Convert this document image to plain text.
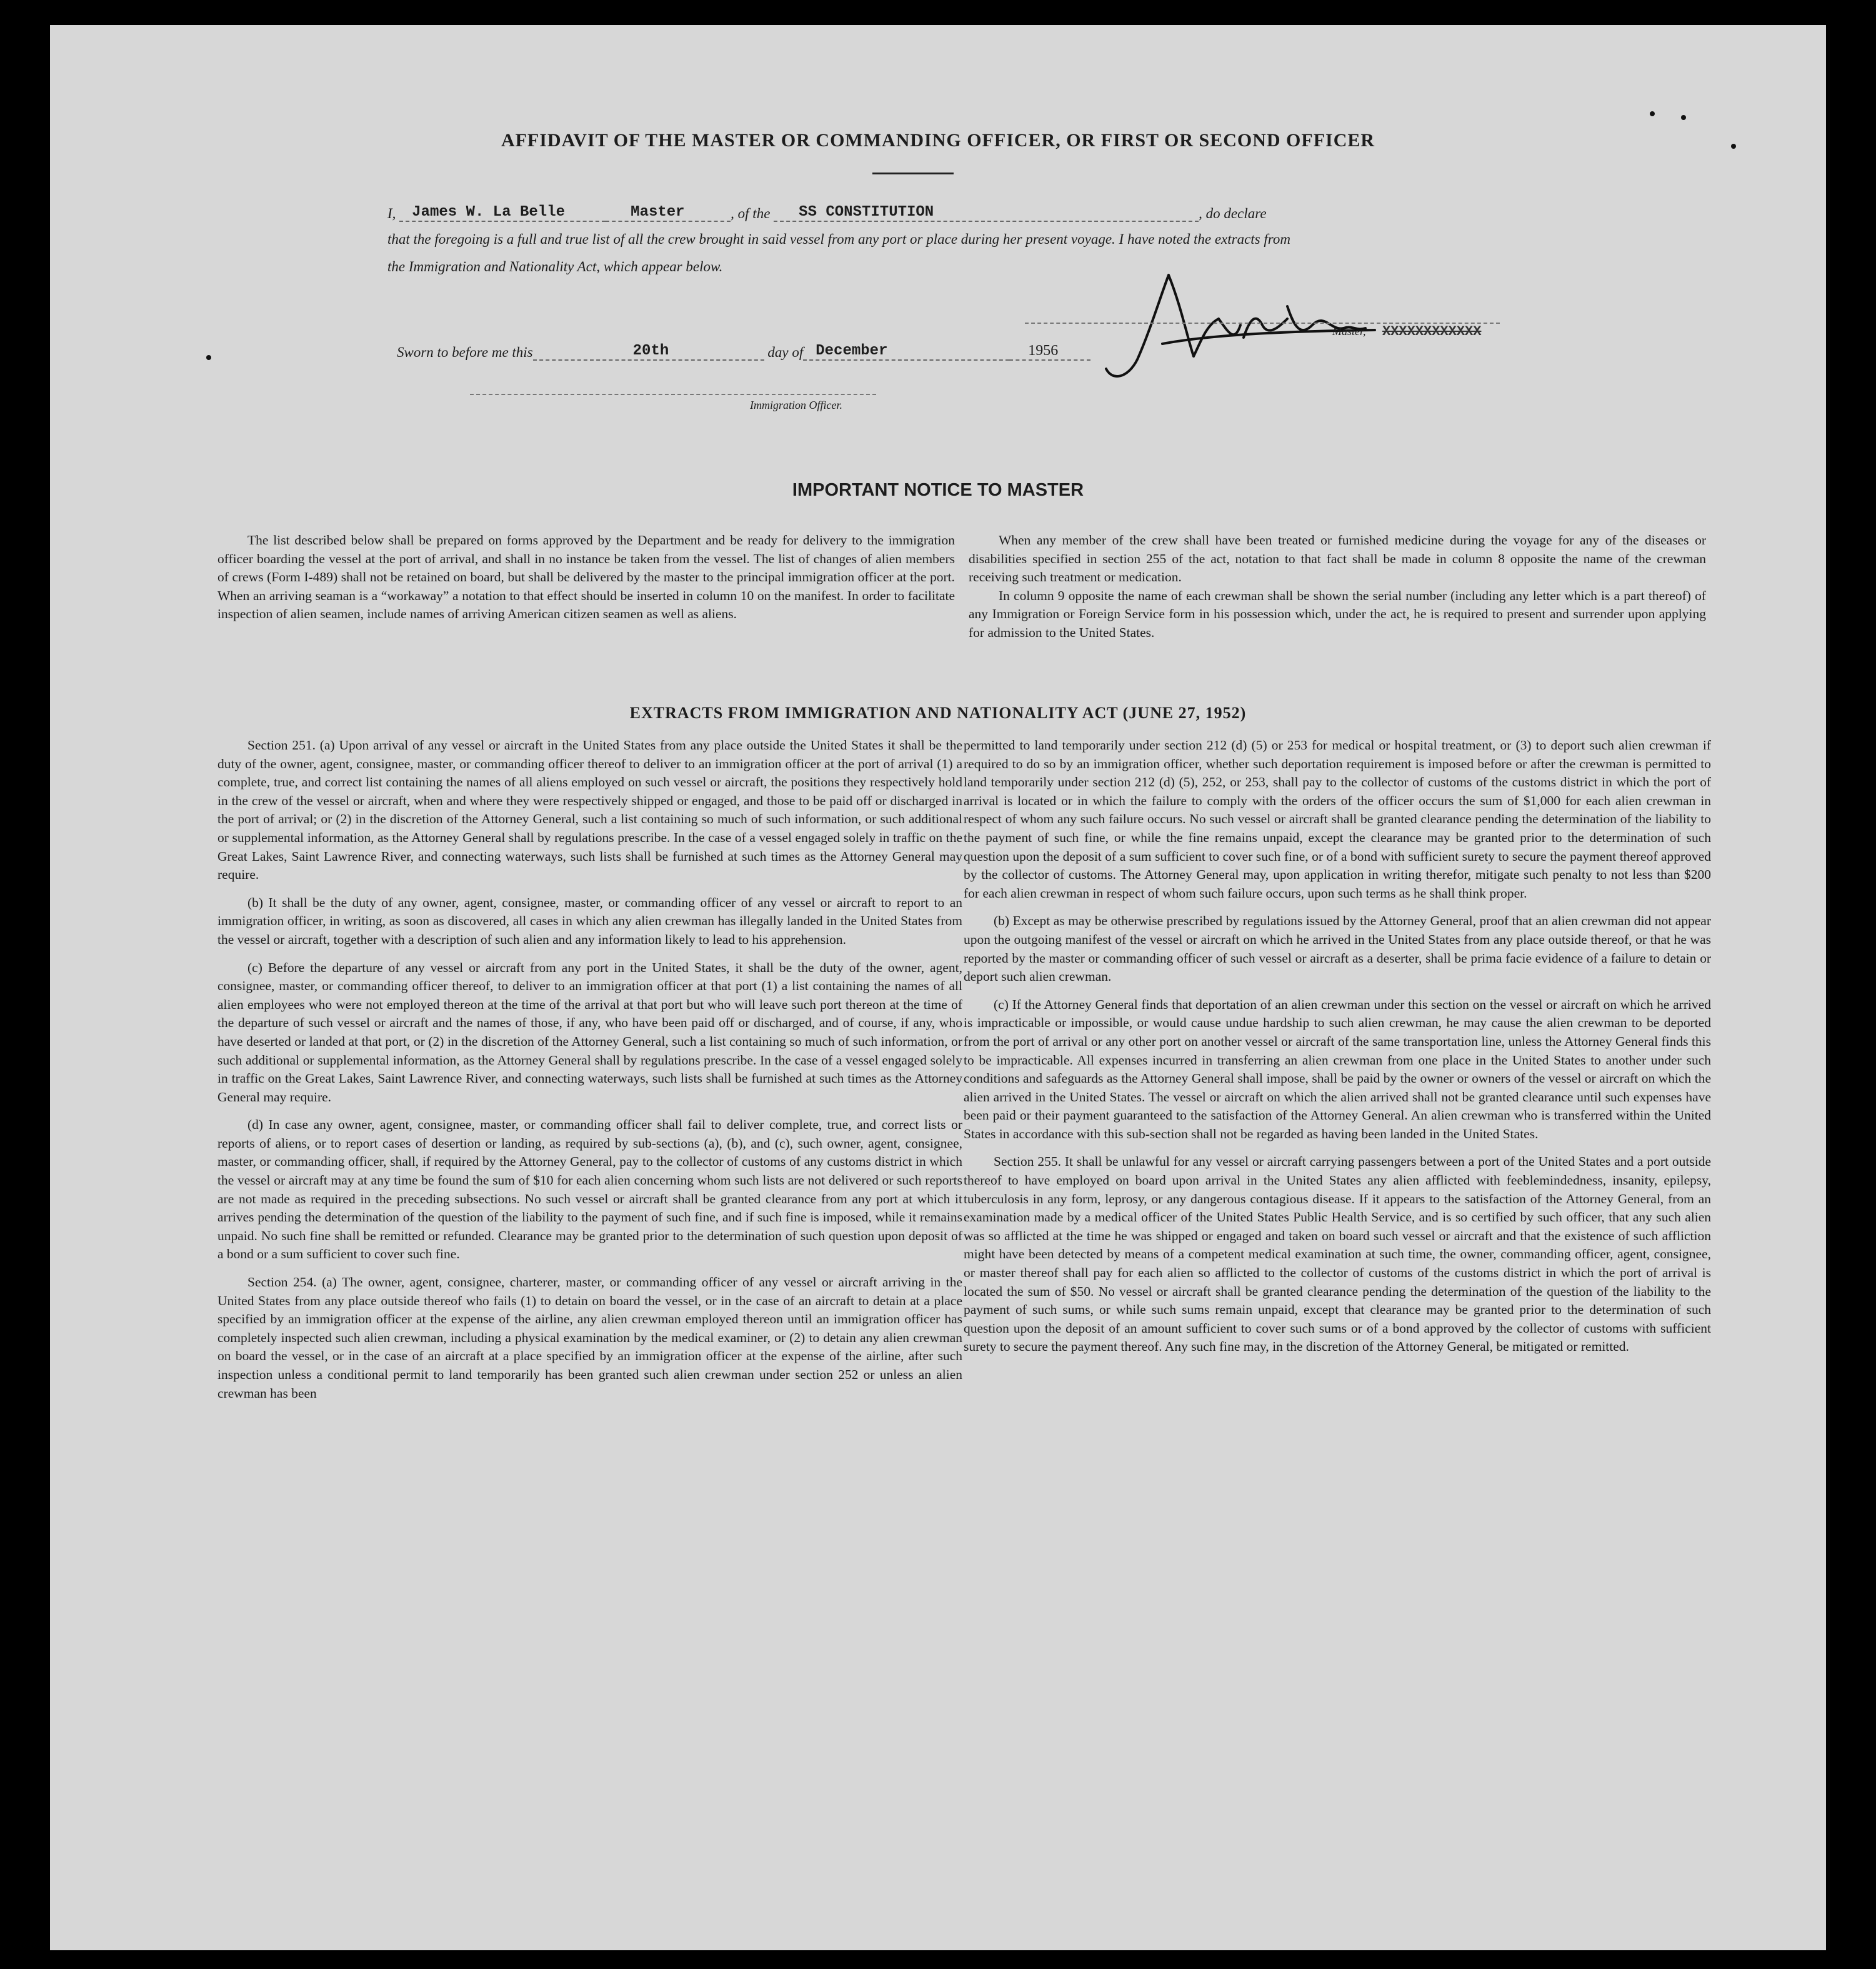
AFFIDAVIT OF THE MASTER OR COMMANDING OFFICER, OR FIRST OR SECOND OFFICER
I, James W. La Belle	Master	, of the SS CONSTITUTION	, do declare
that the foregoing is a full and true list of all the crew brought in said vessel from any port or place during her present voyage. I have noted the extracts from
the Immigration and Nationality Act, which appear below.
Master, XXXXXXXXXXXX
Sworn to before me this	20th	day of December	1956
Immigration Officer.
IMPORTANT NOTICE TO MASTER

The list described below shall be prepared on forms approved by the Department and be ready for delivery to the immigration officer boarding the vessel at the port of arrival, and shall in no instance be taken from the vessel. The list of changes of alien members of crews (Form I-489) shall not be retained on board, but shall be delivered by the master to the principal immigration officer at the port. When an arriving seaman is a “workaway” a notation to that effect should be inserted in column 10 on the manifest. In order to facilitate inspection of alien seamen, include names of arriving American citizen seamen as well as aliens.

When any member of the crew shall have been treated or furnished medicine during the voyage for any of the diseases or disabilities specified in section 255 of the act, notation to that fact shall be made in column 8 opposite the name of the crewman receiving such treatment or medication.

In column 9 opposite the name of each crewman shall be shown the serial number (including any letter which is a part thereof) of any Immigration or Foreign Service form in his possession which, under the act, he is required to present and surrender upon applying for admission to the United States.

EXTRACTS FROM IMMIGRATION AND NATIONALITY ACT (JUNE 27, 1952)

Section 251. (a) Upon arrival of any vessel or aircraft in the United States from any place outside the United States it shall be the duty of the owner, agent, consignee, master, or commanding officer thereof to deliver to an immigration officer at the port of arrival (1) a complete, true, and correct list containing the names of all aliens employed on such vessel or aircraft, the positions they respectively hold in the crew of the vessel or aircraft, when and where they were respectively shipped or engaged, and those to be paid off or discharged in the port of arrival; or (2) in the discretion of the Attorney General, such a list containing so much of such information, or such additional or supplemental information, as the Attorney General shall by regulations prescribe. In the case of a vessel engaged solely in traffic on the Great Lakes, Saint Lawrence River, and connecting waterways, such lists shall be furnished at such times as the Attorney General may require.

(b) It shall be the duty of any owner, agent, consignee, master, or commanding officer of any vessel or aircraft to report to an immigration officer, in writing, as soon as discovered, all cases in which any alien crewman has illegally landed in the United States from the vessel or aircraft, together with a description of such alien and any information likely to lead to his apprehension.

(c) Before the departure of any vessel or aircraft from any port in the United States, it shall be the duty of the owner, agent, consignee, master, or commanding officer thereof, to deliver to an immigration officer at that port (1) a list containing the names of all alien employees who were not employed thereon at the time of the arrival at that port but who will leave such port thereon at the time of the departure of such vessel or aircraft and the names of those, if any, who have been paid off or discharged, and of course, if any, who have deserted or landed at that port, or (2) in the discretion of the Attorney General, such a list containing so much of such information, or such additional or supplemental information, as the Attorney General shall by regulations prescribe. In the case of a vessel engaged solely in traffic on the Great Lakes, Saint Lawrence River, and connecting waterways, such lists shall be furnished at such times as the Attorney General may require.

(d) In case any owner, agent, consignee, master, or commanding officer shall fail to deliver complete, true, and correct lists or reports of aliens, or to report cases of desertion or landing, as required by sub-sections (a), (b), and (c), such owner, agent, consignee, master, or commanding officer, shall, if required by the Attorney General, pay to the collector of customs of any customs district in which the vessel or aircraft may at any time be found the sum of $10 for each alien concerning whom such lists are not delivered or such reports are not made as required in the preceding subsections. No such vessel or aircraft shall be granted clearance from any port at which it arrives pending the determination of the question of the liability to the payment of such fine, and if such fine is imposed, while it remains unpaid. No such fine shall be remitted or refunded. Clearance may be granted prior to the determination of such question upon deposit of a bond or a sum sufficient to cover such fine.

Section 254. (a) The owner, agent, consignee, charterer, master, or commanding officer of any vessel or aircraft arriving in the United States from any place outside thereof who fails (1) to detain on board the vessel, or in the case of an aircraft to detain at a place specified by an immigration officer at the expense of the airline, any alien crewman employed thereon until an immigration officer has completely inspected such alien crewman, including a physical examination by the medical examiner, or (2) to detain any alien crewman on board the vessel, or in the case of an aircraft at a place specified by an immigration officer at the expense of the airline, after such inspection unless a conditional permit to land temporarily has been granted such alien crewman under section 252 or unless an alien crewman has been

permitted to land temporarily under section 212 (d) (5) or 253 for medical or hospital treatment, or (3) to deport such alien crewman if required to do so by an immigration officer, whether such deportation requirement is imposed before or after the crewman is permitted to land temporarily under section 212 (d) (5), 252, or 253, shall pay to the collector of customs of the customs district in which the port of arrival is located or in which the failure to comply with the orders of the officer occurs the sum of $1,000 for each alien crewman in respect of whom any such failure occurs. No such vessel or aircraft shall be granted clearance pending the determination of the liability to the payment of such fine, or while the fine remains unpaid, except the clearance may be granted prior to the determination of such question upon the deposit of a sum sufficient to cover such fine, or of a bond with sufficient surety to secure the payment thereof approved by the collector of customs. The Attorney General may, upon application in writing therefor, mitigate such penalty to not less than $200 for each alien crewman in respect of whom such failure occurs, upon such terms as he shall think proper.

(b) Except as may be otherwise prescribed by regulations issued by the Attorney General, proof that an alien crewman did not appear upon the outgoing manifest of the vessel or aircraft on which he arrived in the United States from any place outside thereof, or that he was reported by the master or commanding officer of such vessel or aircraft as a deserter, shall be prima facie evidence of a failure to detain or deport such alien crewman.

(c) If the Attorney General finds that deportation of an alien crewman under this section on the vessel or aircraft on which he arrived is impracticable or impossible, or would cause undue hardship to such alien crewman, he may cause the alien crewman to be deported from the port of arrival or any other port on another vessel or aircraft of the same transportation line, unless the Attorney General finds this to be impracticable. All expenses incurred in transferring an alien crewman from one place in the United States to another under such conditions and safeguards as the Attorney General shall impose, shall be paid by the owner or owners of the vessel or aircraft on which the alien arrived in the United States. The vessel or aircraft on which the alien arrived shall not be granted clearance until such expenses have been paid or their payment guaranteed to the satisfaction of the Attorney General. An alien crewman who is transferred within the United States in accordance with this sub-section shall not be regarded as having been landed in the United States.

Section 255. It shall be unlawful for any vessel or aircraft carrying passengers between a port of the United States and a port outside thereof to have employed on board upon arrival in the United States any alien afflicted with feeblemindedness, insanity, epilepsy, tuberculosis in any form, leprosy, or any dangerous contagious disease. If it appears to the satisfaction of the Attorney General, from an examination made by a medical officer of the United States Public Health Service, and is so certified by such officer, that any such alien was so afflicted at the time he was shipped or engaged and taken on board such vessel or aircraft and that the existence of such affliction might have been detected by means of a competent medical examination at such time, the owner, commanding officer, agent, consignee, or master thereof shall pay for each alien so afflicted to the collector of customs of the customs district in which the port of arrival is located the sum of $50. No vessel or aircraft shall be granted clearance pending the determination of the question of the liability to the payment of such sums, or while such sums remain unpaid, except that clearance may be granted prior to the determination of such question upon the deposit of an amount sufficient to cover such sums or of a bond approved by the collector of customs with sufficient surety to secure the payment thereof. Any such fine may, in the discretion of the Attorney General, be mitigated or remitted.
